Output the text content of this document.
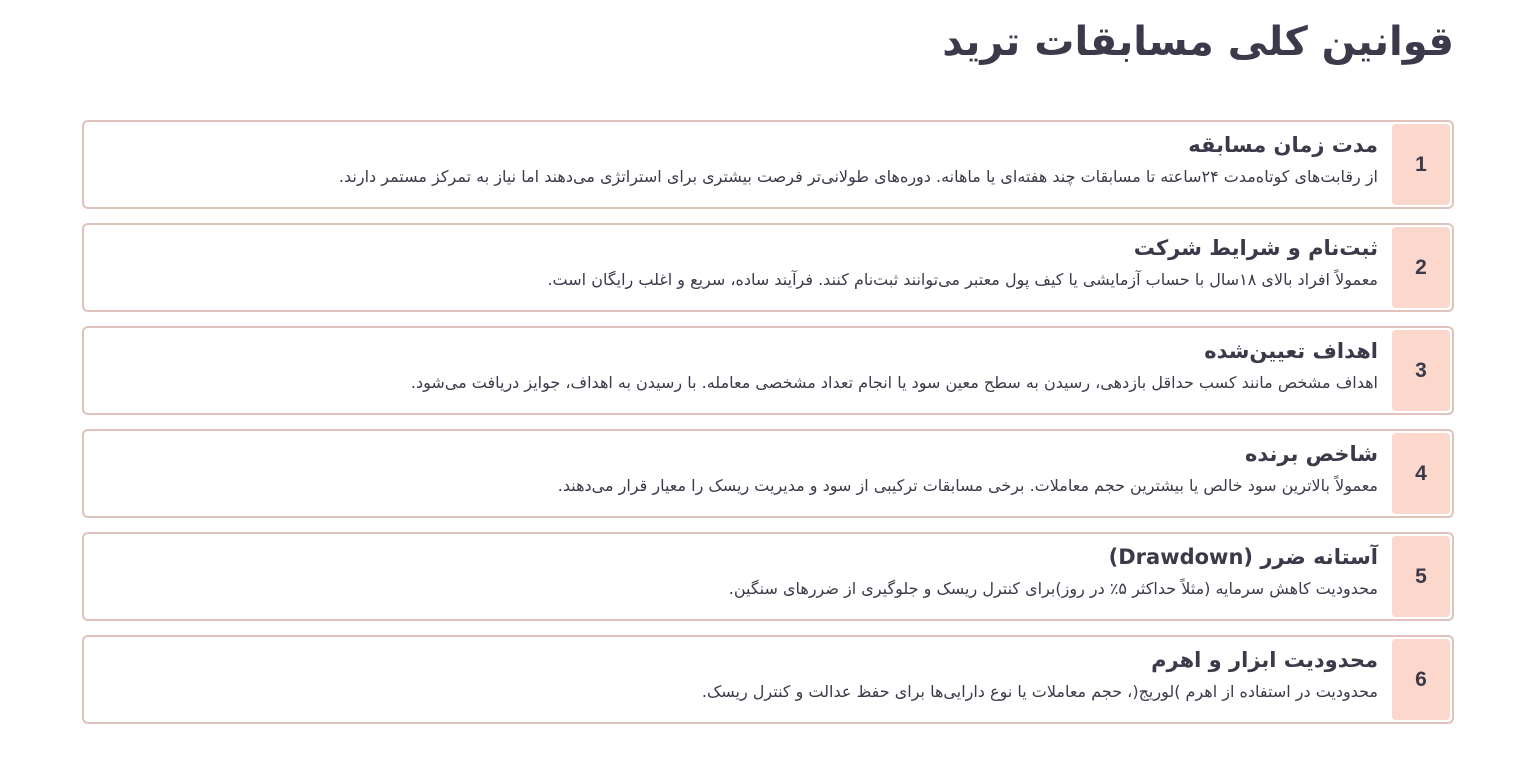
قوانین کلی مسابقات ترید
1
مدت زمان مسابقه
از رقابت‌های کوتاه‌مدت ۲۴ساعته تا مسابقات چند هفته‌ای یا ماهانه. دوره‌های طولانی‌تر فرصت بیشتری برای استراتژی می‌دهند اما نیاز به تمرکز مستمر دارند.
2
ثبت‌نام و شرایط شرکت
معمولاً افراد بالای ۱۸سال با حساب آزمایشی یا کیف پول معتبر می‌توانند ثبت‌نام کنند. فرآیند ساده، سریع و اغلب رایگان است.
3
اهداف تعیین‌شده
اهداف مشخص مانند کسب حداقل بازدهی، رسیدن به سطح معین سود یا انجام تعداد مشخصی معامله. با رسیدن به اهداف، جوایز دریافت می‌شود.
4
شاخص برنده
معمولاً بالاترین سود خالص یا بیشترین حجم معاملات. برخی مسابقات ترکیبی از سود و مدیریت ریسک را معیار قرار می‌دهند.
5
آستانه ضرر (Drawdown)
محدودیت کاهش سرمایه (مثلاً حداکثر ۵٪ در روز)برای کنترل ریسک و جلوگیری از ضررهای سنگین.
6
محدودیت ابزار و اهرم
محدودیت در استفاده از اهرم )لوریج(، حجم معاملات یا نوع دارایی‌ها برای حفظ عدالت و کنترل ریسک.
